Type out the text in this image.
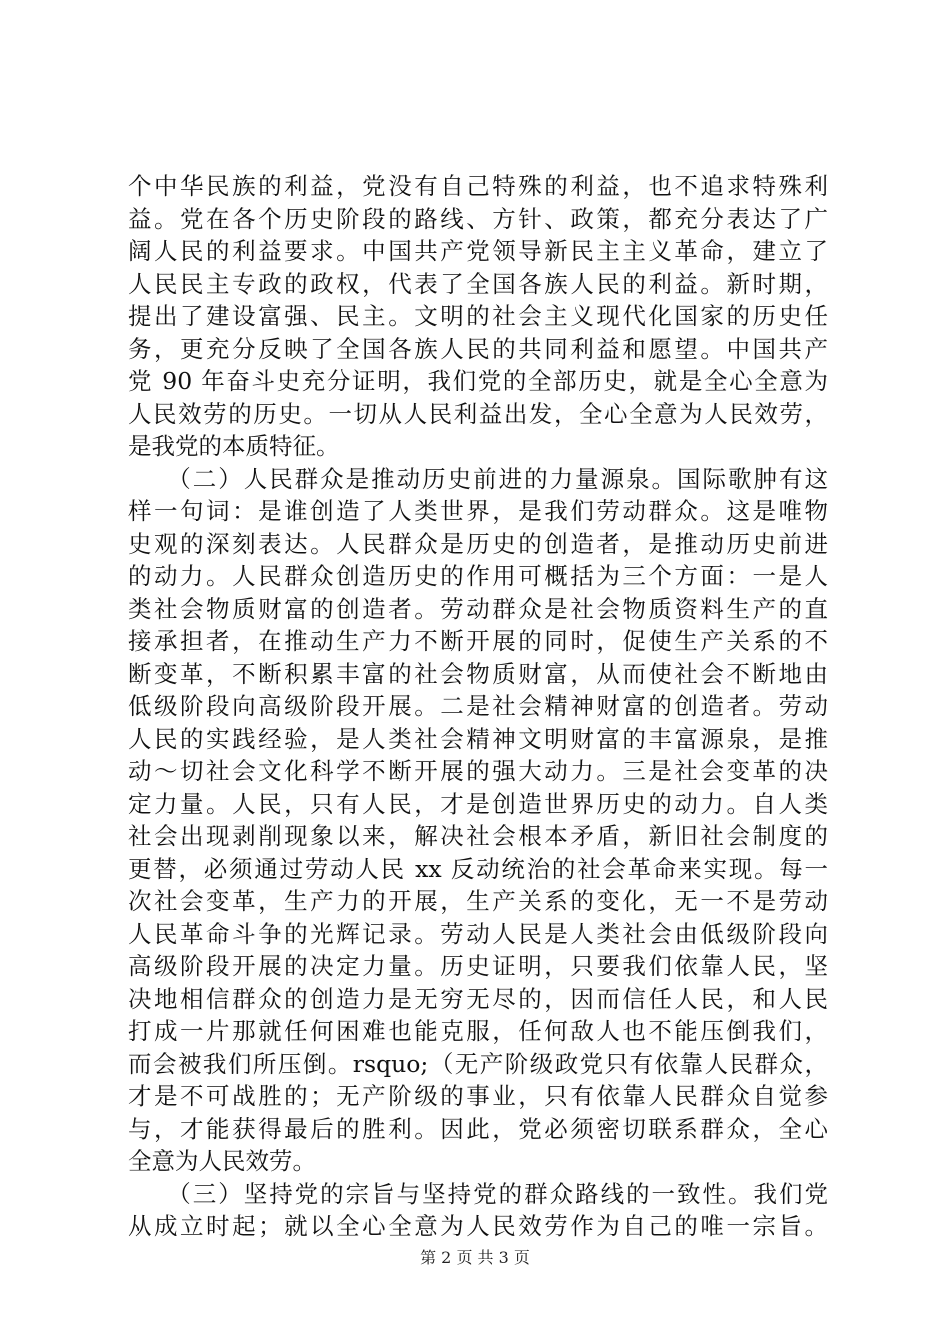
个中华民族的利益，党没有自己特殊的利益，也不追求特殊利
益。党在各个历史阶段的路线、方针、政策，都充分表达了广
阔人民的利益要求。中国共产党领导新民主主义革命，建立了
人民民主专政的政权，代表了全国各族人民的利益。新时期，
提出了建设富强、民主。文明的社会主义现代化国家的历史任
务，更充分反映了全国各族人民的共同利益和愿望。中国共产
党 90 年奋斗史充分证明，我们党的全部历史，就是全心全意为
人民效劳的历史。一切从人民利益出发，全心全意为人民效劳，
是我党的本质特征。
　　（二）人民群众是推动历史前进的力量源泉。国际歌肿有这
样一句词：是谁创造了人类世界，是我们劳动群众。这是唯物
史观的深刻表达。人民群众是历史的创造者，是推动历史前进
的动力。人民群众创造历史的作用可概括为三个方面：一是人
类社会物质财富的创造者。劳动群众是社会物质资料生产的直
接承担者，在推动生产力不断开展的同时，促使生产关系的不
断变革，不断积累丰富的社会物质财富，从而使社会不断地由
低级阶段向高级阶段开展。二是社会精神财富的创造者。劳动
人民的实践经验，是人类社会精神文明财富的丰富源泉，是推
动～切社会文化科学不断开展的强大动力。三是社会变革的决
定力量。人民，只有人民，才是创造世界历史的动力。自人类
社会出现剥削现象以来，解决社会根本矛盾，新旧社会制度的
更替，必须通过劳动人民 xx 反动统治的社会革命来实现。每一
次社会变革，生产力的开展，生产关系的变化，无一不是劳动
人民革命斗争的光辉记录。劳动人民是人类社会由低级阶段向
高级阶段开展的决定力量。历史证明，只要我们依靠人民，坚
决地相信群众的创造力是无穷无尽的，因而信任人民，和人民
打成一片那就任何困难也能克服，任何敌人也不能压倒我们，
而会被我们所压倒。rsquo;（无产阶级政党只有依靠人民群众，
才是不可战胜的；无产阶级的事业，只有依靠人民群众自觉参
与，才能获得最后的胜利。因此，党必须密切联系群众，全心
全意为人民效劳。
　　（三）坚持党的宗旨与坚持党的群众路线的一致性。我们党
从成立时起；就以全心全意为人民效劳作为自己的唯一宗旨。
第 2 页 共 3 页
